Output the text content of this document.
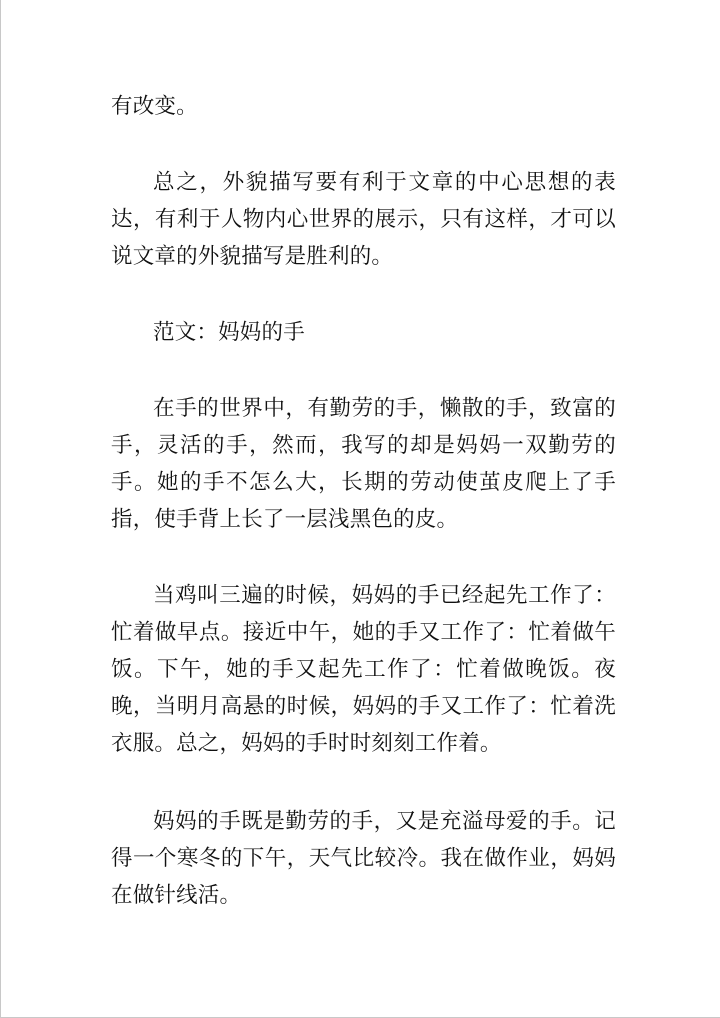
有改变。

总之，外貌描写要有利于文章的中心思想的表达，有利于人物内心世界的展示，只有这样，才可以说文章的外貌描写是胜利的。

范文：妈妈的手

在手的世界中，有勤劳的手，懒散的手，致富的手，灵活的手，然而，我写的却是妈妈一双勤劳的手。她的手不怎么大，长期的劳动使茧皮爬上了手指，使手背上长了一层浅黑色的皮。

当鸡叫三遍的时候，妈妈的手已经起先工作了：忙着做早点。接近中午，她的手又工作了：忙着做午饭。下午，她的手又起先工作了：忙着做晚饭。夜晚，当明月高悬的时候，妈妈的手又工作了：忙着洗衣服。总之，妈妈的手时时刻刻工作着。

妈妈的手既是勤劳的手，又是充溢母爱的手。记得一个寒冬的下午，天气比较冷。我在做作业，妈妈在做针线活。
